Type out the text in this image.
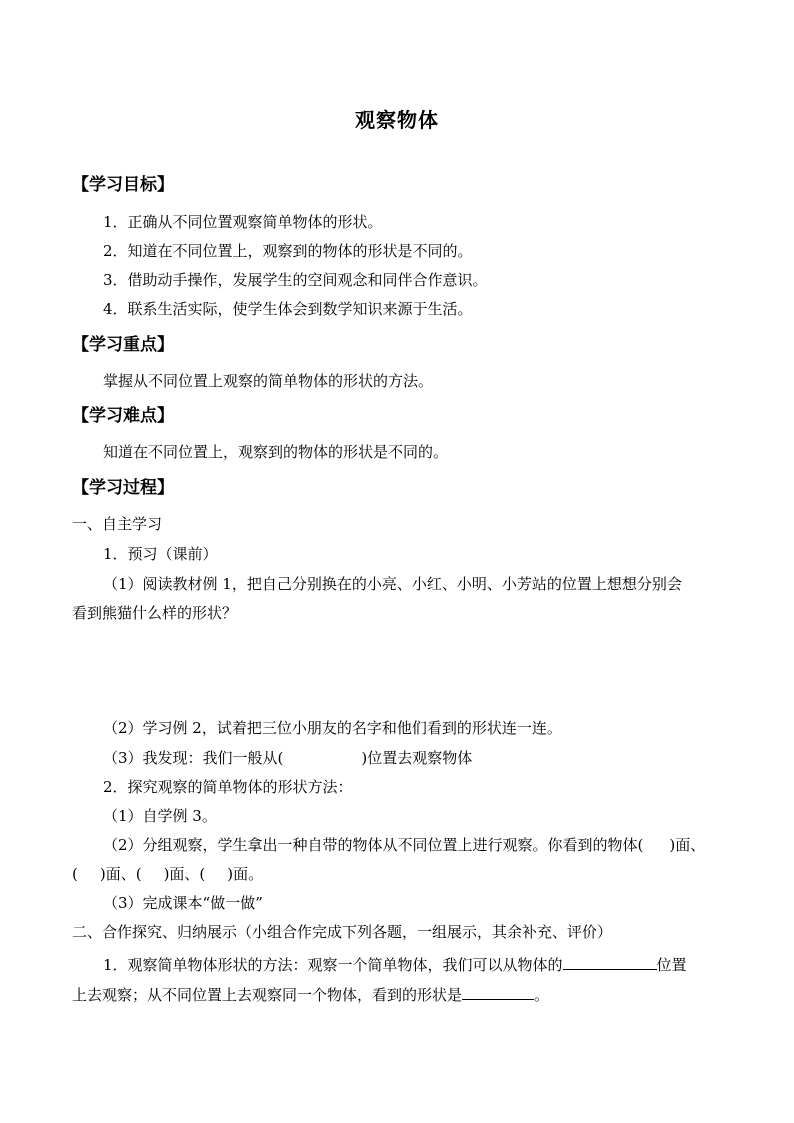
观察物体
【学习目标】
1．正确从不同位置观察简单物体的形状。
2．知道在不同位置上，观察到的物体的形状是不同的。
3．借助动手操作，发展学生的空间观念和同伴合作意识。
4．联系生活实际，使学生体会到数学知识来源于生活。
【学习重点】
掌握从不同位置上观察的简单物体的形状的方法。
【学习难点】
知道在不同位置上，观察到的物体的形状是不同的。
【学习过程】
一、自主学习
1．预习（课前）
（1）阅读教材例 1，把自己分别换在的小亮、小红、小明、小芳站的位置上想想分别会
看到熊猫什么样的形状？
（2）学习例 2，试着把三位小朋友的名字和他们看到的形状连一连。
（3）我发现：我们一般从(	)位置去观察物体
2．探究观察的简单物体的形状方法：
（1）自学例 3。
（2）分组观察，学生拿出一种自带的物体从不同位置上进行观察。你看到的物体( )面、
( )面、( )面、( )面。
（3）完成课本“做一做”
二、合作探究、归纳展示（小组合作完成下列各题，一组展示，其余补充、评价）
1．观察简单物体形状的方法：观察一个简单物体，我们可以从物体的	位置
上去观察；从不同位置上去观察同一个物体，看到的形状是	。
